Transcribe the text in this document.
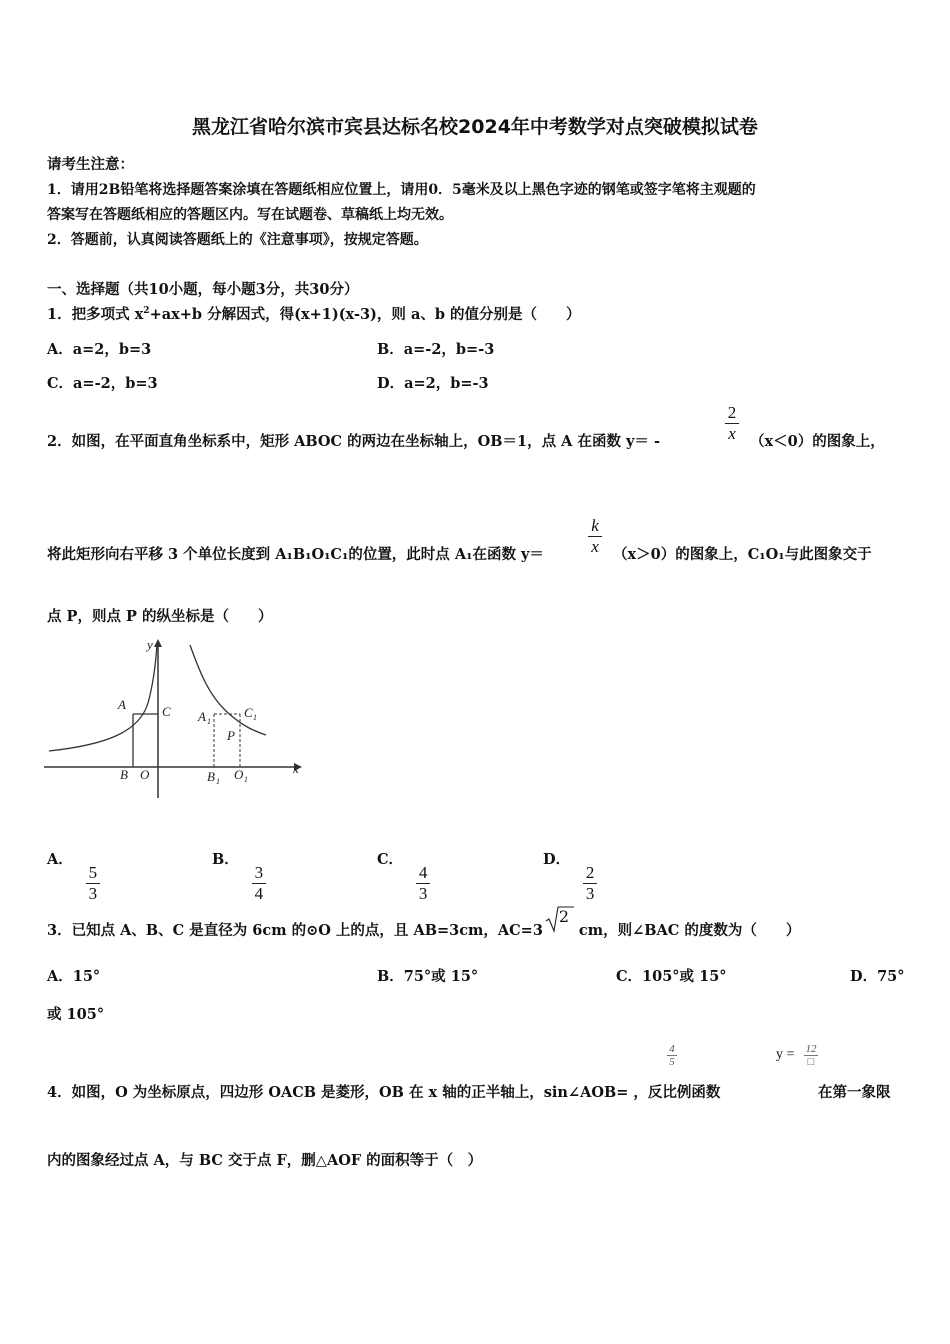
黑龙江省哈尔滨市宾县达标名校2024年中考数学对点突破模拟试卷
请考生注意：
1．请用2B铅笔将选择题答案涂填在答题纸相应位置上，请用0．5毫米及以上黑色字迹的钢笔或签字笔将主观题的
答案写在答题纸相应的答题区内。写在试题卷、草稿纸上均无效。
2．答题前，认真阅读答题纸上的《注意事项》，按规定答题。
一、选择题（共10小题，每小题3分，共30分）
1．把多项式 $x^2+ax+b$ 分解因式，得(x+1)(x-3)，则 a、b 的值分别是（　　）
A．a=2，b=3	B．a=-2，b=-3
C．a=-2，b=3	D．a=2，b=-3
2．如图，在平面直角坐标系中，矩形 ABOC 的两边在坐标轴上，OB＝1，点 A 在函数 y＝ -
2
x （x＜0）的图象上，
将此矩形向右平移 3 个单位长度到 A₁B₁O₁C₁的位置，此时点 A₁在函数 y＝
k
x （x＞0）的图象上，C₁O₁与此图象交于
点 P，则点 P 的纵坐标是（　　）
y
x
A	C
B O
A 1
C 1
P
B 1 O 1
A．
$\frac{5}{3}$
B．
$\frac{3}{4}$
C．
$\frac{4}{3}$
D．
$\frac{2}{3}$
3．已知点 A、B、C 是直径为 6cm 的⊙O 上的点，且 AB=3cm，AC=3
2
cm，则∠BAC 的度数为（　　）
A．15°	B．75°或 15°	C．105°或 15°	D．75°
或 105°
4
5	y = 12
□
4．如图，O 为坐标原点，四边形 OACB 是菱形，OB 在 x 轴的正半轴上，sin∠AOB= ，反比例函数	在第一象限
内的图象经过点 A，与 BC 交于点 F，删△AOF 的面积等于（　）
